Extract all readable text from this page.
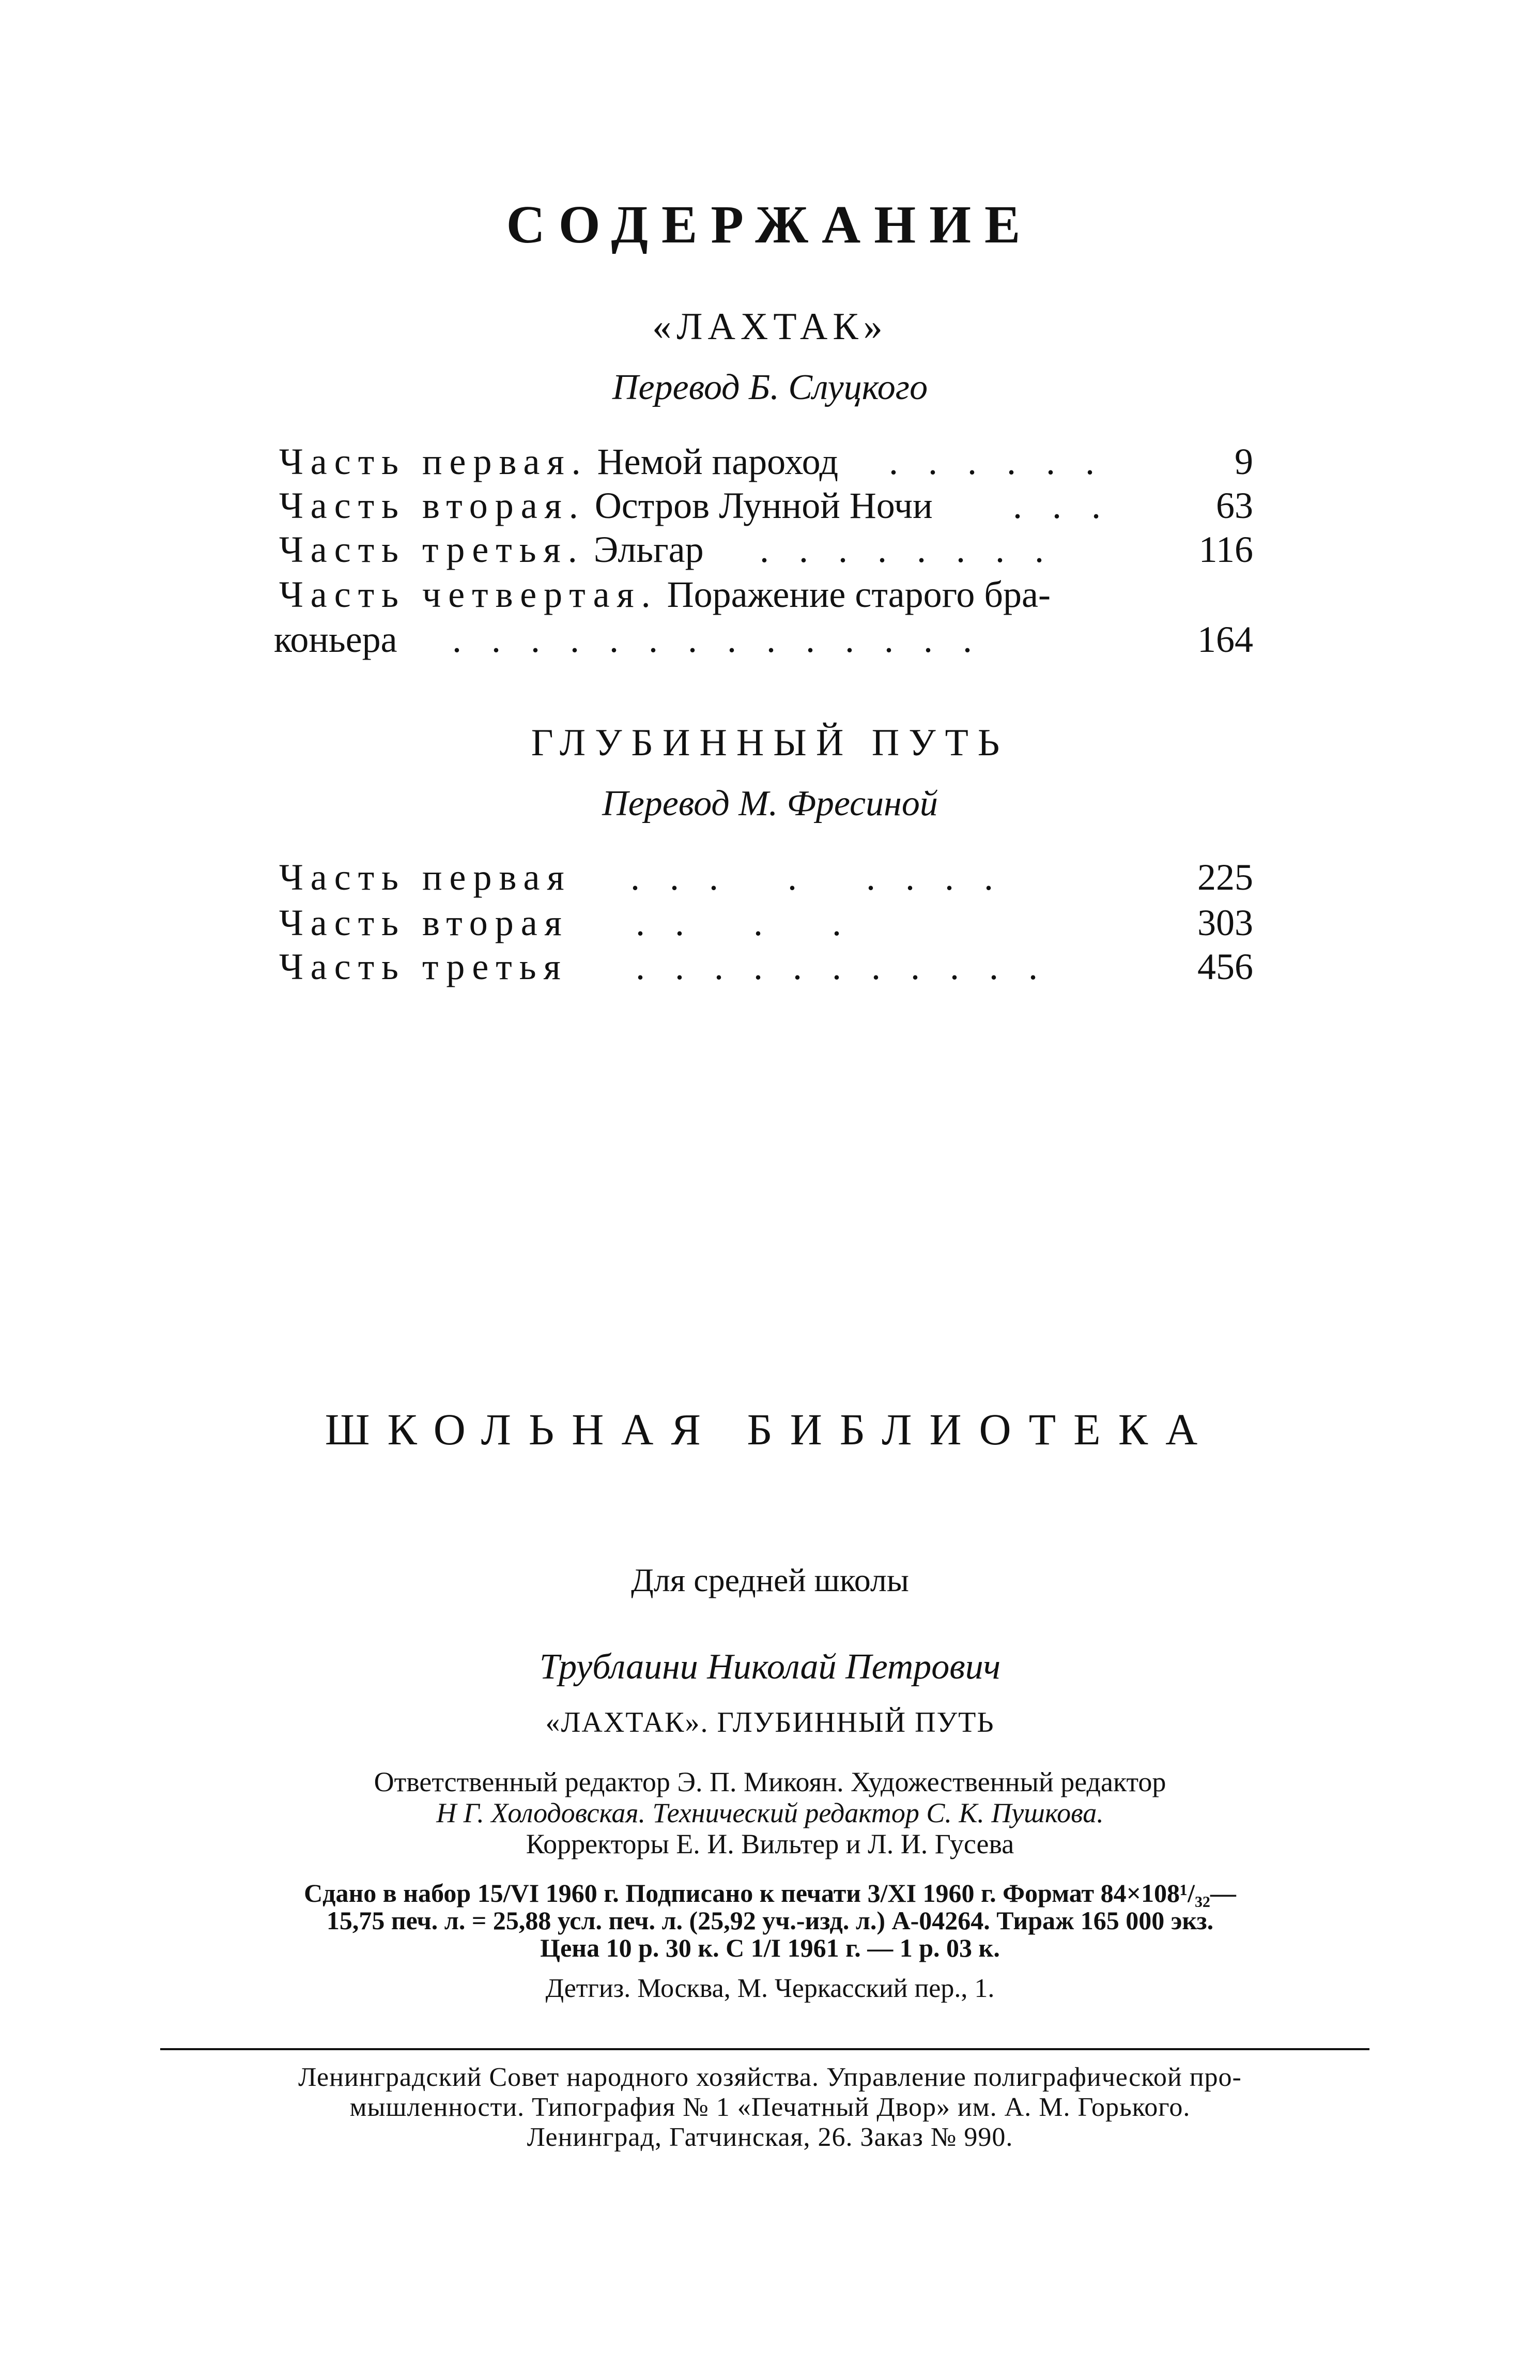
СОДЕРЖАНИЕ
«ЛАХТАК»
Перевод Б. Слуцкого
Часть первая. Немой пароход . . . . . .	9
Часть вторая. Остров Лунной Ночи . . .	63
Часть третья. Эльгар . . . . . . . .	116
Часть четвертая. Поражение старого бра-
коньера . . . . . . . . . . . . . .	164
ГЛУБИННЫЙ ПУТЬ
Перевод М. Фресиной
Часть первая . . .   .   . . . .	225
Часть вторая . .   .   .	303
Часть третья . . . . . . . . . . .	456
ШКОЛЬНАЯ БИБЛИОТЕКА
Для средней школы
Трублаини Николай Петрович
«ЛАХТАК». ГЛУБИННЫЙ ПУТЬ
Ответственный редактор Э. П. Микоян. Художественный редактор
Н Г. Холодовская. Технический редактор С. К. Пушкова.
Корректоры Е. И. Вильтер и Л. И. Гусева
Сдано в набор 15/VI 1960 г. Подписано к печати 3/XI 1960 г. Формат 84×108¹/₃₂—
15,75 печ. л. = 25,88 усл. печ. л. (25,92 уч.-изд. л.) А-04264. Тираж 165 000 экз.
Цена 10 р. 30 к. С 1/I 1961 г. — 1 р. 03 к.
Детгиз. Москва, М. Черкасский пер., 1.
Ленинградский Совет народного хозяйства. Управление полиграфической про-
мышленности. Типография № 1 «Печатный Двор» им. А. М. Горького.
Ленинград, Гатчинская, 26. Заказ № 990.
